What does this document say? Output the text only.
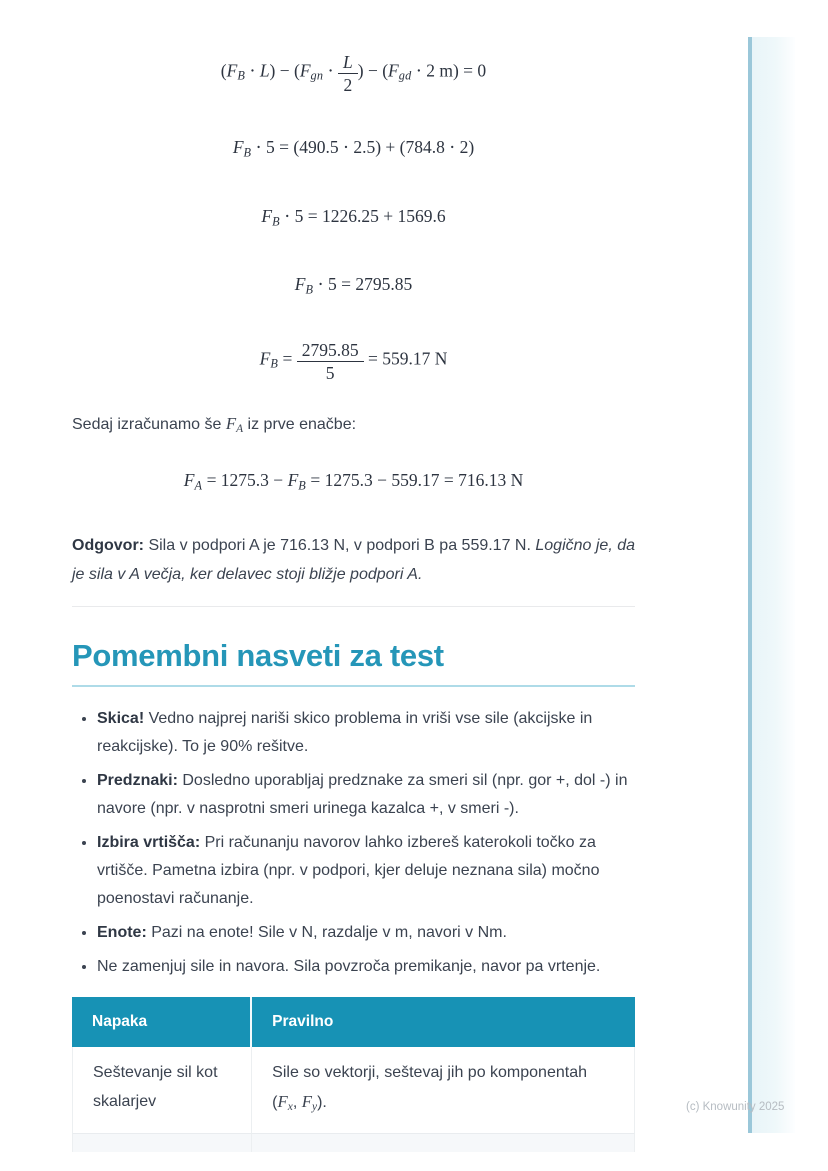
$(F_B \cdot L) - (F_{gn} \cdot \frac{L}{2}$ ) − ($F_{gd} \cdot 2$ m) = 0
$F_B \cdot 5 = (490.5 \cdot 2.5) + (784.8 \cdot 2)$
$F_B \cdot 5 = 1226.25 + 1569.6$
$F_B \cdot 5 = 2795.85$
$F_B = \frac{2795.85}{5} = 559.17$ N

Sedaj izračunamo še $F_A$ iz prve enačbe:

$F_A = 1275.3 - F_B = 1275.3 - 559.17 = 716.13$ N

Odgovor: Sila v podpori A je 716.13 N, v podpori B pa 559.17 N. Logično je, da je sila v A večja, ker delavec stoji bližje podpori A.

Pomembni nasveti za test
• Skica! Vedno najprej nariši skico problema in vriši vse sile (akcijske in reakcijske). To je 90% rešitve.
• Predznaki: Dosledno uporabljaj predznake za smeri sil (npr. gor +, dol -) in navore (npr. v nasprotni smeri urinega kazalca +, v smeri -).
• Izbira vrtišča: Pri računanju navorov lahko izbereš katerokoli točko za vrtišče. Pametna izbira (npr. v podpori, kjer deluje neznana sila) močno poenostavi računanje.
• Enote: Pazi na enote! Sile v N, razdalje v m, navori v Nm.
• Ne zamenjuj sile in navora. Sila povzroča premikanje, navor pa vrtenje.
Napaka	Pravilno
Seštevanje sil kot skalarjev	Sile so vektorji, seštevaj jih po komponentah ($F_x$, $F_y$).
		(c) Knowunity 2025
